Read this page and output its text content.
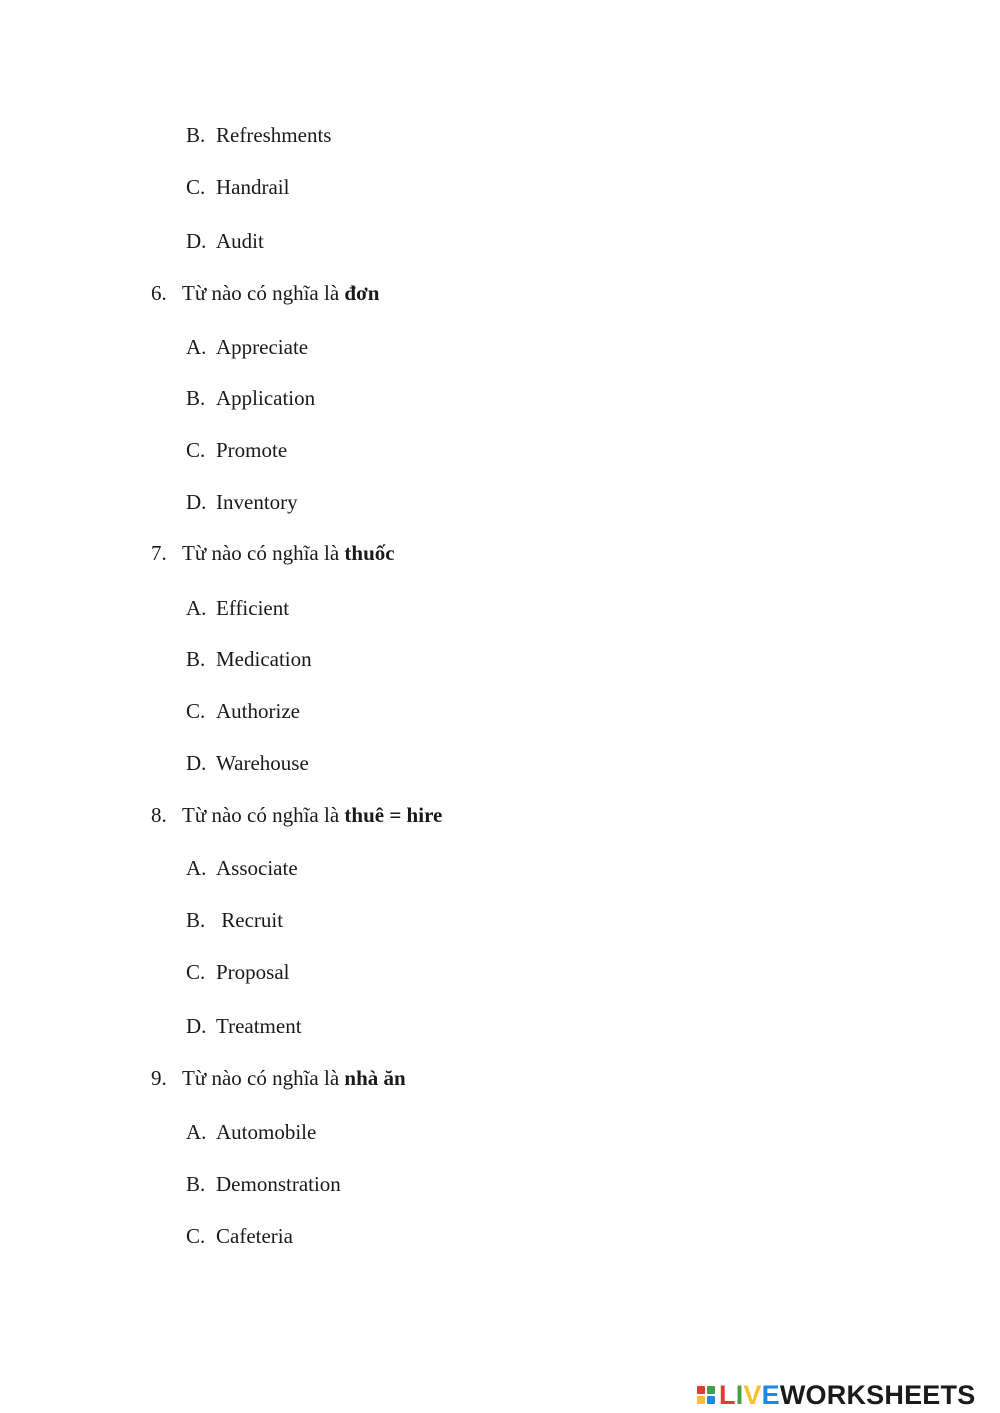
B. Refreshments
C. Handrail
D. Audit
6. Từ nào có nghĩa là đơn
A. Appreciate
B. Application
C. Promote
D. Inventory
7. Từ nào có nghĩa là thuốc
A. Efficient
B. Medication
C. Authorize
D. Warehouse
8. Từ nào có nghĩa là thuê = hire
A. Associate
B. Recruit
C. Proposal
D. Treatment
9. Từ nào có nghĩa là nhà ăn
A. Automobile
B. Demonstration
C. Cafeteria
L I V E W O R K S H E E T S
